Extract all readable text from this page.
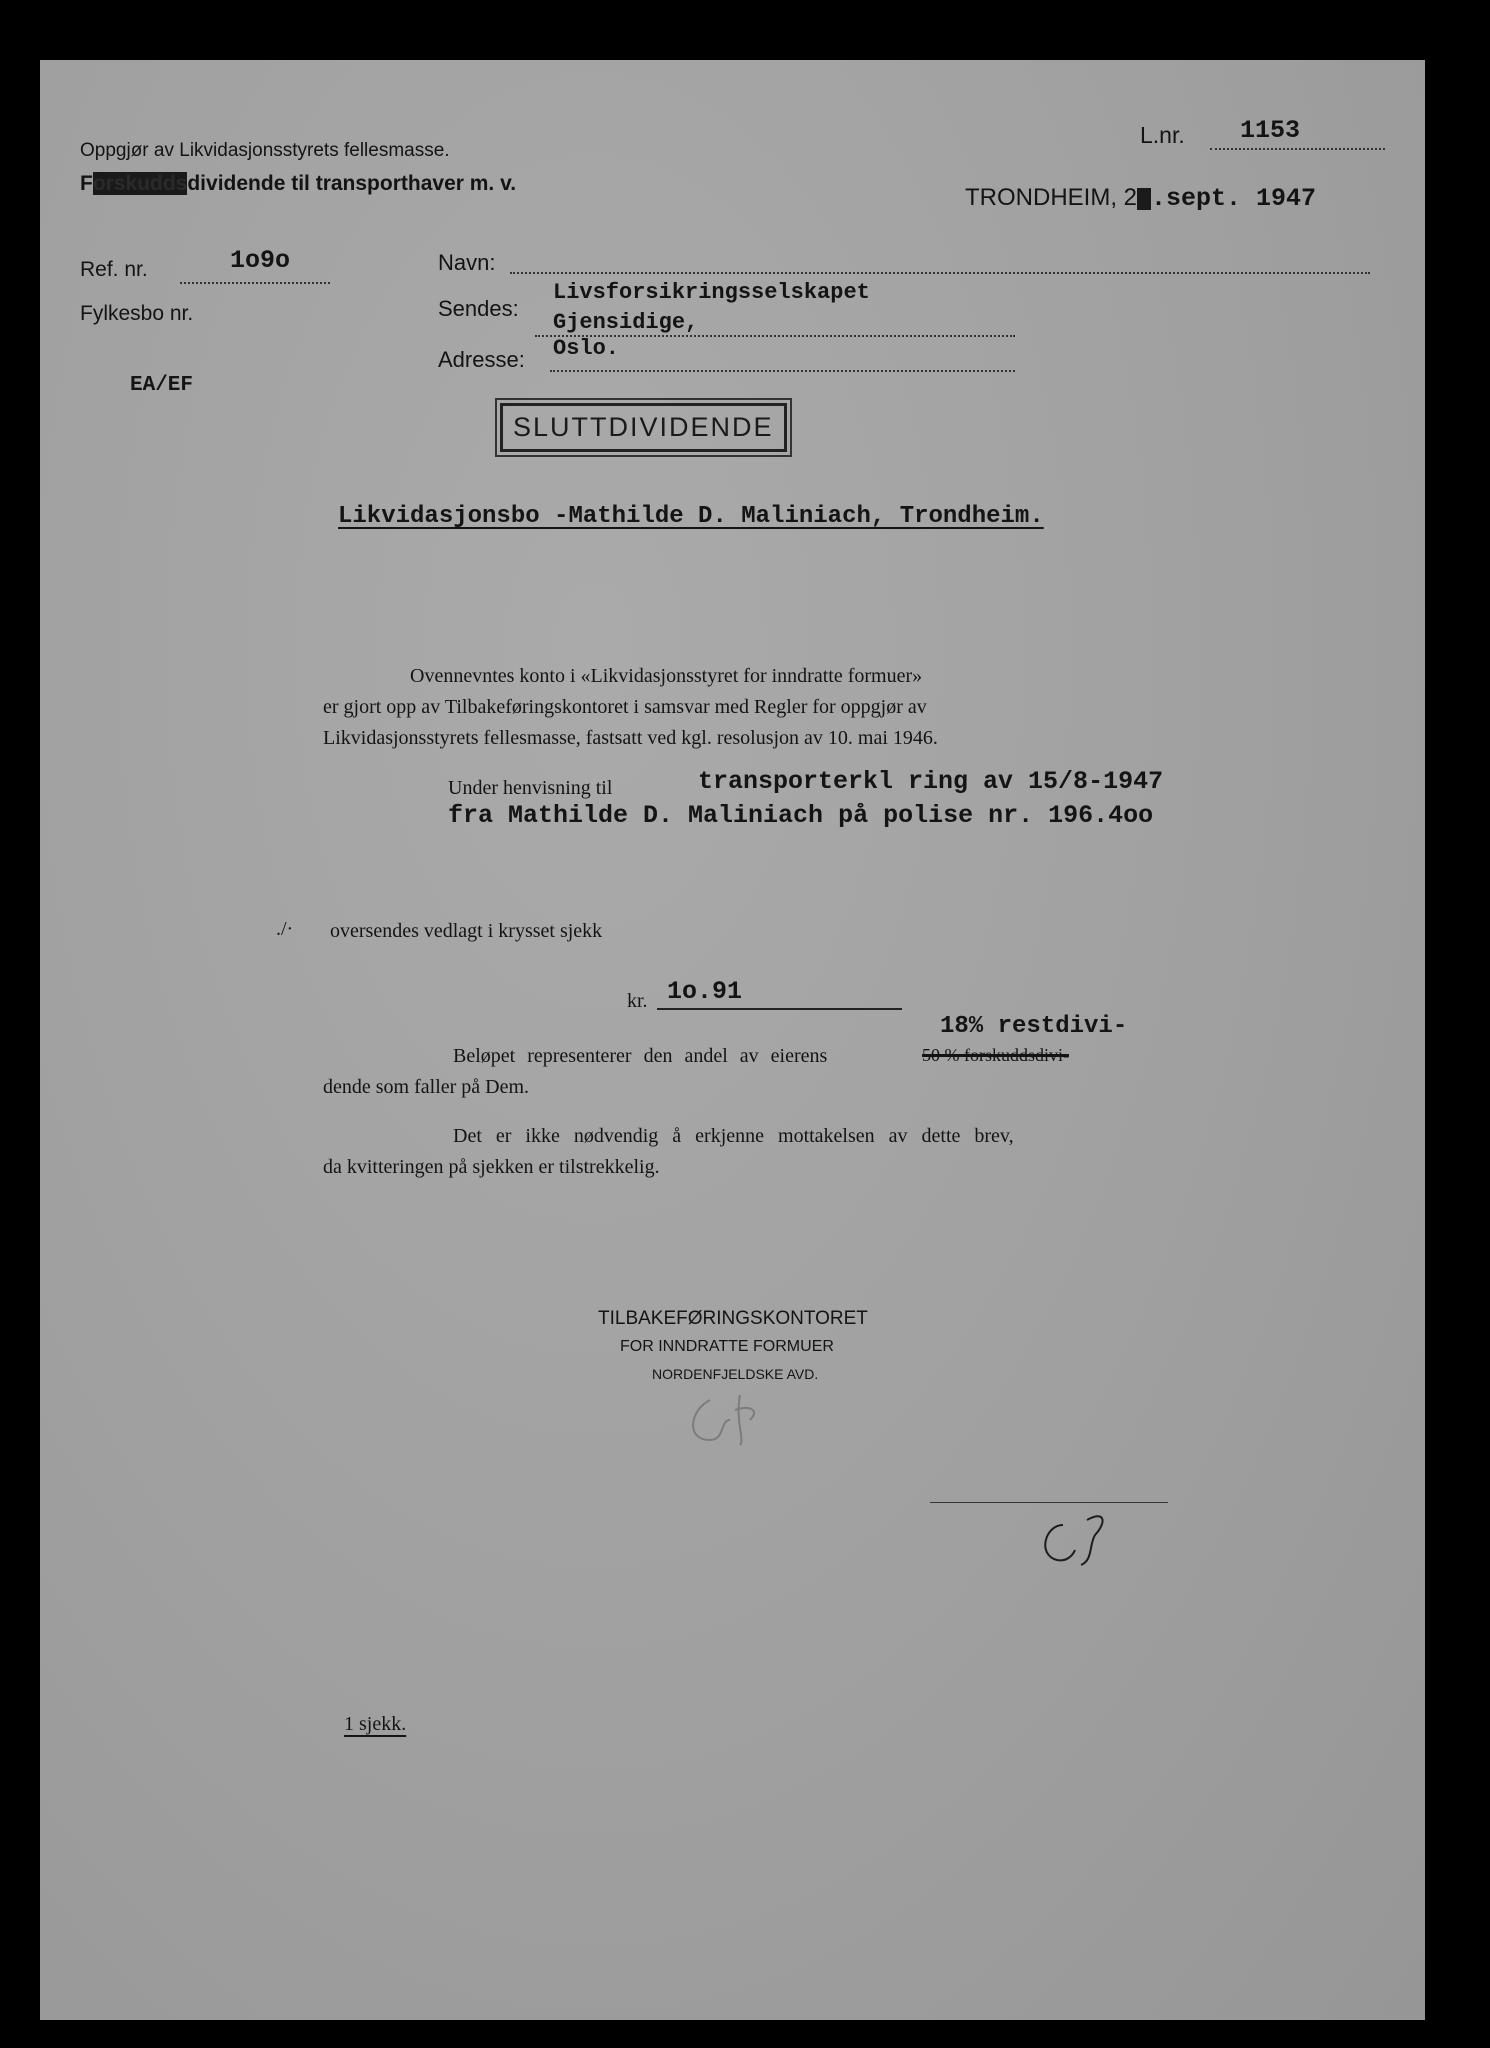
Oppgjør av Likvidasjonsstyrets fellesmasse.
Forskuddsdividende til transporthaver m. v.
L.nr. 1153
TRONDHEIM, 2 .sept. 1947
Ref. nr.	1o9o
Fylkesbo nr.
EA/EF
Navn:
Sendes:
Livsforsikringsselskapet
Gjensidige,
Adresse: Oslo.
SLUTTDIVIDENDE
Likvidasjonsbo -Mathilde D. Maliniach, Trondheim.
Ovennevntes konto i «Likvidasjonsstyret for inndratte formuer»
er gjort opp av Tilbakeføringskontoret i samsvar med Regler for oppgjør av
Likvidasjonsstyrets fellesmasse, fastsatt ved kgl. resolusjon av 10. mai 1946.
Under henvisning til	transporterkl ring av 15/8-1947
fra Mathilde D. Maliniach på polise nr. 196.4oo
./· oversendes vedlagt i krysset sjekk
kr. 1o.91
18% restdivi-
Beløpet representerer den andel av eierens	50 % forskuddsdivi-
dende som faller på Dem.
Det er ikke nødvendig å erkjenne mottakelsen av dette brev,
da kvitteringen på sjekken er tilstrekkelig.
TILBAKEFØRINGSKONTORET
FOR INNDRATTE FORMUER
NORDENFJELDSKE AVD.
1 sjekk.
